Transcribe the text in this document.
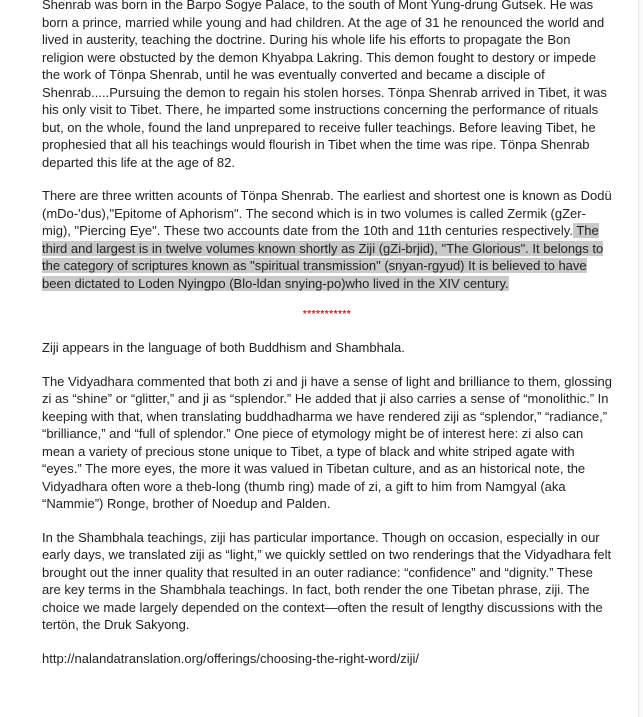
Shenrab was born in the Barpo Sogye Palace, to the south of Mont Yung-drung Gutsek. He was born a prince, married while young and had children. At the age of 31 he renounced the world and lived in austerity, teaching the doctrine. During his whole life his efforts to propagate the Bon religion were obstucted by the demon Khyabpa Lakring. This demon fought to destory or impede the work of Tönpa Shenrab, until he was eventually converted and became a disciple of Shenrab.....Pursuing the demon to regain his stolen horses. Tönpa Shenrab arrived in Tibet, it was his only visit to Tibet. There, he imparted some instructions concerning the performance of rituals but, on the whole, found the land unprepared to receive fuller teachings. Before leaving Tibet, he prophesied that all his teachings would flourish in Tibet when the time was ripe. Tönpa Shenrab departed this life at the age of 82.

There are three written acounts of Tönpa Shenrab. The earliest and shortest one is known as Dodü (mDo-'dus),"Epitome of Aphorism". The second which is in two volumes is called Zermik (gZer-mig), "Piercing Eye". These two accounts date from the 10th and 11th centuries respectively. The third and largest is in twelve volumes known shortly as Ziji (gZi-brjid), "The Glorious". It belongs to the category of scriptures known as "spiritual transmission" (snyan-rgyud) It is believed to have been dictated to Loden Nyingpo (Blo-ldan snying-po)who lived in the XIV century.

***********

Ziji appears in the language of both Buddhism and Shambhala.

The Vidyadhara commented that both zi and ji have a sense of light and brilliance to them, glossing zi as “shine” or “glitter,” and ji as “splendor.” He added that ji also carries a sense of “monolithic.” In keeping with that, when translating buddhadharma we have rendered ziji as “splendor,” “radiance,” “brilliance,” and “full of splendor.” One piece of etymology might be of interest here: zi also can mean a variety of precious stone unique to Tibet, a type of black and white striped agate with “eyes.” The more eyes, the more it was valued in Tibetan culture, and as an historical note, the Vidyadhara often wore a theb-long (thumb ring) made of zi, a gift to him from Namgyal (aka “Nammie”) Ronge, brother of Noedup and Palden.

In the Shambhala teachings, ziji has particular importance. Though on occasion, especially in our early days, we translated ziji as “light,” we quickly settled on two renderings that the Vidyadhara felt brought out the inner quality that resulted in an outer radiance: “confidence” and “dignity.” These are key terms in the Shambhala teachings. In fact, both render the one Tibetan phrase, ziji. The choice we made largely depended on the context—often the result of lengthy discussions with the tertön, the Druk Sakyong.

http://nalandatranslation.org/offerings/choosing-the-right-word/ziji/
